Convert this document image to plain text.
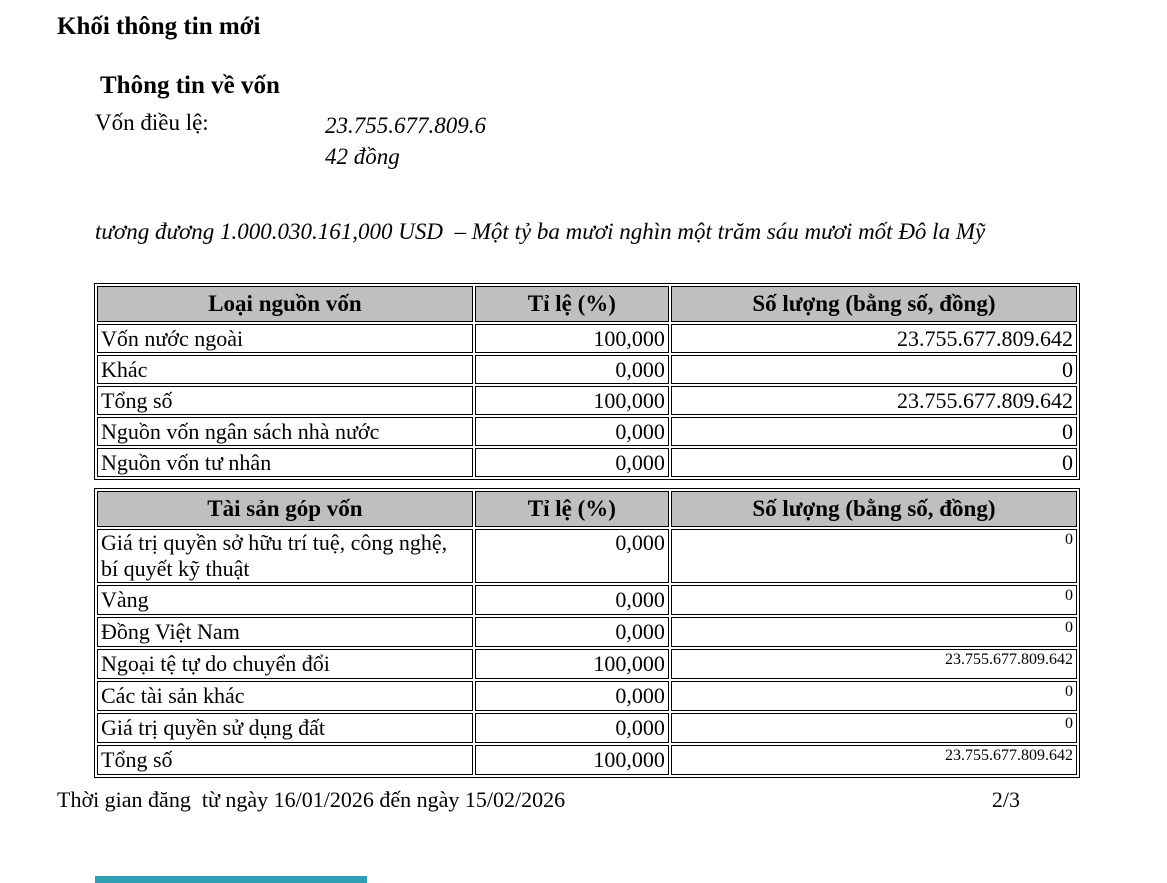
Khối thông tin mới
Thông tin về vốn
Vốn điều lệ:	23.755.677.809.6
42 đồng
tương đương 1.000.030.161,000 USD  – Một tỷ ba mươi nghìn một trăm sáu mươi mốt Đô la Mỹ
Loại nguồn vốn	Tỉ lệ (%)	Số lượng (bằng số, đồng)
Vốn nước ngoài	100,000	23.755.677.809.642
Khác	0,000	0
Tổng số	100,000	23.755.677.809.642
Nguồn vốn ngân sách nhà nước	0,000	0
Nguồn vốn tư nhân	0,000	0
Tài sản góp vốn	Tỉ lệ (%)	Số lượng (bằng số, đồng)
Giá trị quyền sở hữu trí tuệ, công nghệ, bí quyết kỹ thuật	0,000	0
Vàng	0,000	0
Đồng Việt Nam	0,000	0
Ngoại tệ tự do chuyển đổi	100,000	23.755.677.809.642
Các tài sản khác	0,000	0
Giá trị quyền sử dụng đất	0,000	0
Tổng số	100,000	23.755.677.809.642
Thời gian đăng  từ ngày 16/01/2026 đến ngày 15/02/2026	2/3
